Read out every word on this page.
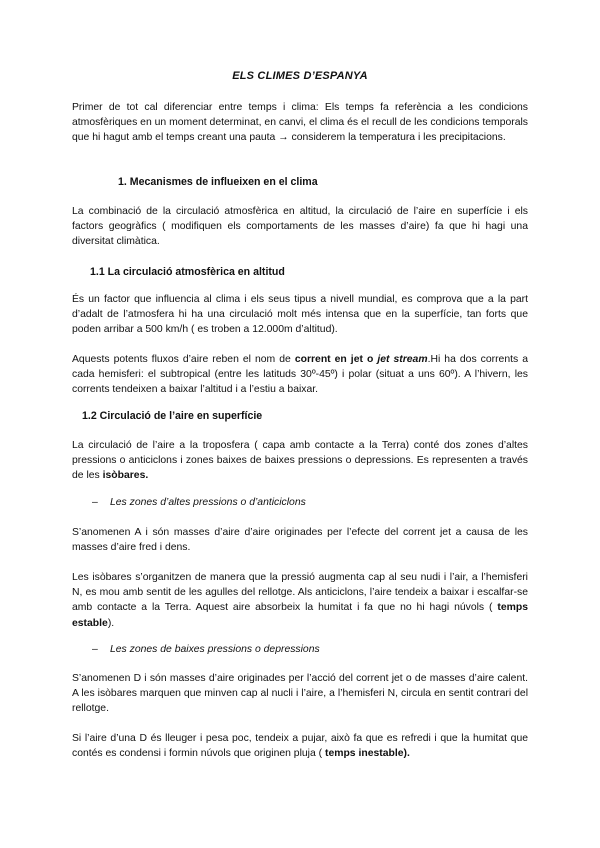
ELS CLIMES D’ESPANYA

Primer de tot cal diferenciar entre temps i clima: Els temps fa referència a les condicions atmosfèriques en un moment determinat, en canvi, el clima és el recull de les condicions temporals que hi hagut amb el temps creant una pauta → considerem la temperatura i les precipitacions.

1. Mecanismes de influeixen en el clima

La combinació de la circulació atmosfèrica en altitud, la circulació de l’aire en superfície i els factors geogràfics ( modifiquen els comportaments de les masses d’aire) fa que hi hagi una diversitat climàtica.

1.1 La circulació atmosfèrica en altitud

És un factor que influencia al clima i els seus tipus a nivell mundial, es comprova que a la part d’adalt de l’atmosfera hi ha una circulació molt més intensa que en la superfície, tan forts que poden arribar a 500 km/h ( es troben a 12.000m d’altitud).

Aquests potents fluxos d’aire reben el nom de corrent en jet o jet stream.Hi ha dos corrents a cada hemisferi: el subtropical (entre les latituds 30º-45º) i polar (situat a uns 60º). A l’hivern, les corrents tendeixen a baixar l’altitud i a l’estiu a baixar.

1.2 Circulació de l’aire en superfície

La circulació de l’aire a la troposfera ( capa amb contacte a la Terra) conté dos zones d’altes pressions o anticiclons i zones baixes de baixes pressions o depressions. Es representen a través de les isòbares.

– Les zones d’altes pressions o d’anticiclons

S’anomenen A i són masses d’aire d’aire originades per l’efecte del corrent jet a causa de les masses d’aire fred i dens.

Les isòbares s’organitzen de manera que la pressió augmenta cap al seu nudi i l’air, a l’hemisferi N, es mou amb sentit de les agulles del rellotge. Als anticiclons, l’aire tendeix a baixar i escalfar-se amb contacte a la Terra. Aquest aire absorbeix la humitat i fa que no hi hagi núvols ( temps estable).

– Les zones de baixes pressions o depressions

S’anomenen D i són masses d’aire originades per l’acció del corrent jet o de masses d’aire calent. A les isòbares marquen que minven cap al nucli i l’aire, a l’hemisferi N, circula en sentit contrari del rellotge.

Si l’aire d’una D és lleuger i pesa poc, tendeix a pujar, això fa que es refredi i que la humitat que contés es condensi i formin núvols que originen pluja ( temps inestable).
